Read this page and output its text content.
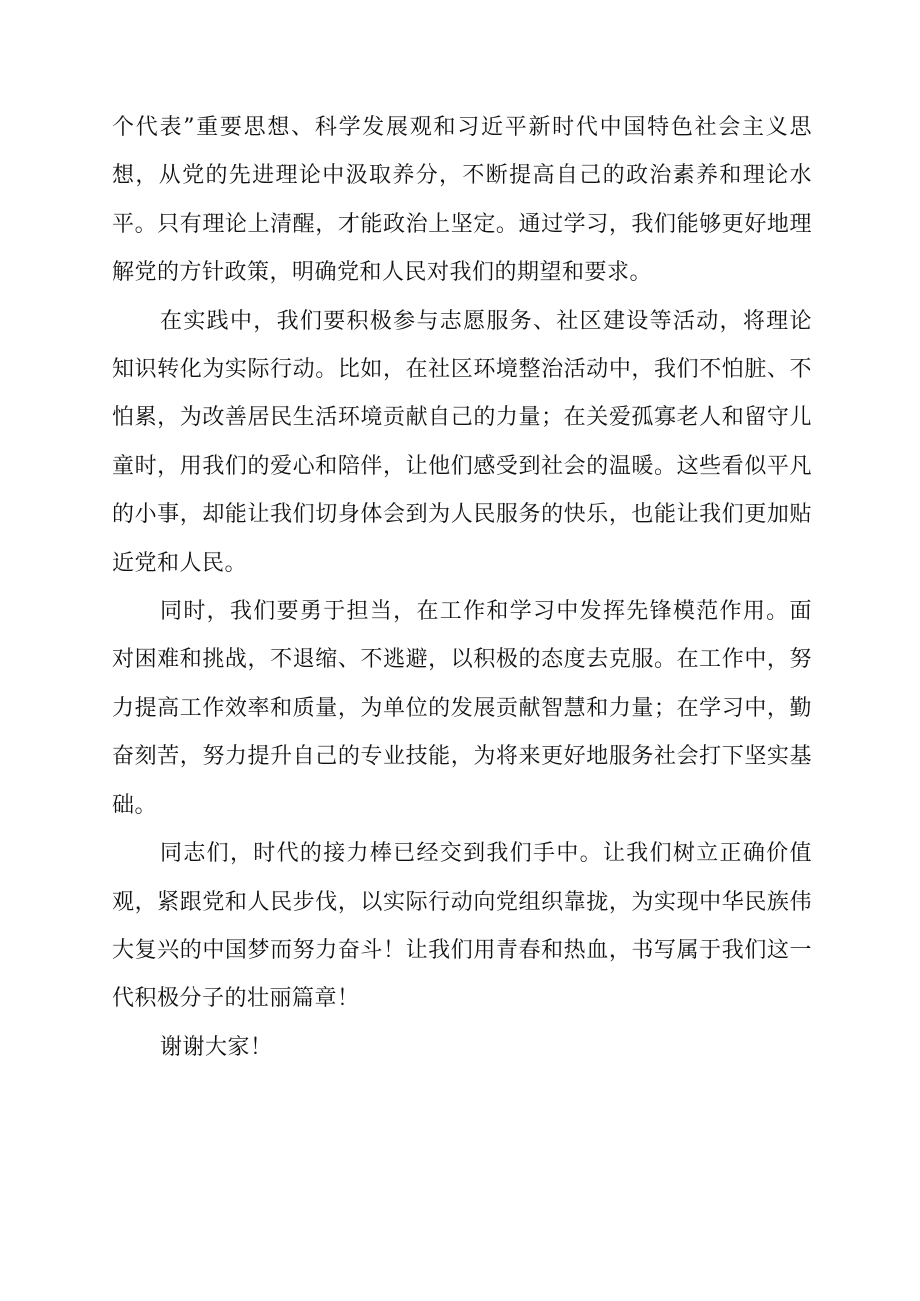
个代表”重要思想、科学发展观和习近平新时代中国特色社会主义思想，从党的先进理论中汲取养分，不断提高自己的政治素养和理论水平。只有理论上清醒，才能政治上坚定。通过学习，我们能够更好地理解党的方针政策，明确党和人民对我们的期望和要求。

在实践中，我们要积极参与志愿服务、社区建设等活动，将理论知识转化为实际行动。比如，在社区环境整治活动中，我们不怕脏、不怕累，为改善居民生活环境贡献自己的力量；在关爱孤寡老人和留守儿童时，用我们的爱心和陪伴，让他们感受到社会的温暖。这些看似平凡的小事，却能让我们切身体会到为人民服务的快乐，也能让我们更加贴近党和人民。

同时，我们要勇于担当，在工作和学习中发挥先锋模范作用。面对困难和挑战，不退缩、不逃避，以积极的态度去克服。在工作中，努力提高工作效率和质量，为单位的发展贡献智慧和力量；在学习中，勤奋刻苦，努力提升自己的专业技能，为将来更好地服务社会打下坚实基础。

同志们，时代的接力棒已经交到我们手中。让我们树立正确价值观，紧跟党和人民步伐，以实际行动向党组织靠拢，为实现中华民族伟大复兴的中国梦而努力奋斗！让我们用青春和热血，书写属于我们这一代积极分子的壮丽篇章！

谢谢大家！
